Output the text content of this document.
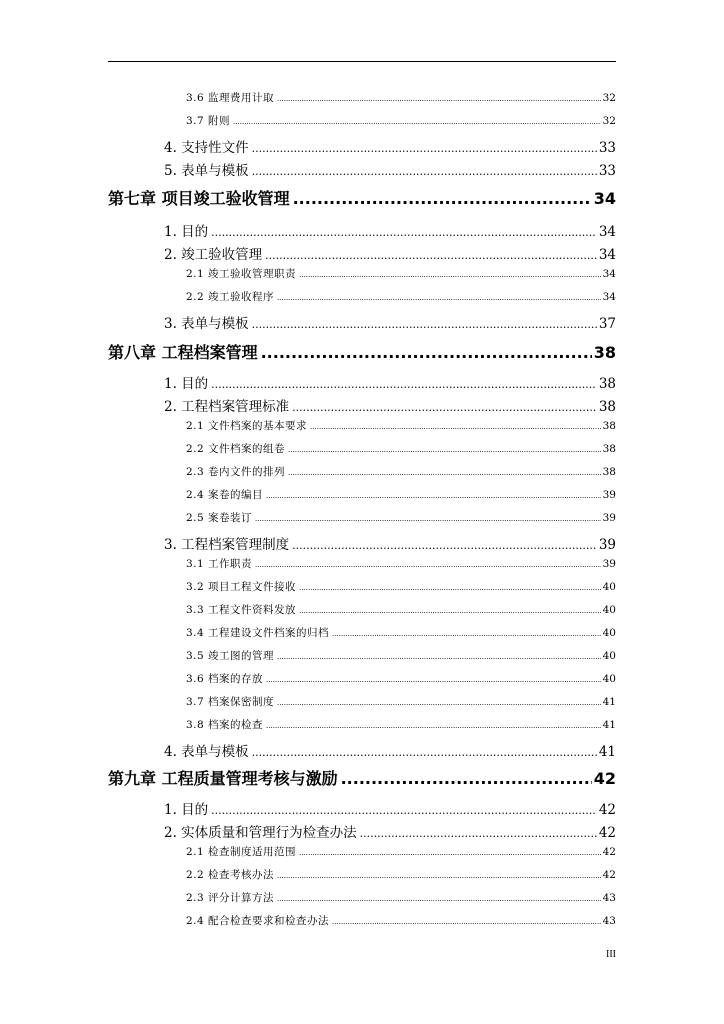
3.6 监理费用计取 .....	32
3.7 附则 .....	32
4. 支持性文件 .....	33
5. 表单与模板 .....	33
第七章 项目竣工验收管理 .....	34
1. 目的 .....	34
2. 竣工验收管理 .....	34
2.1 竣工验收管理职责 .....	34
2.2 竣工验收程序 .....	34
3. 表单与模板 .....	37
第八章 工程档案管理 .....	38
1. 目的 .....	38
2. 工程档案管理标准 .....	38
2.1 文件档案的基本要求 .....	38
2.2 文件档案的组卷 .....	38
2.3 卷内文件的排列 .....	38
2.4 案卷的编目 .....	39
2.5 案卷装订 .....	39
3. 工程档案管理制度 .....	39
3.1 工作职责 .....	39
3.2 项目工程文件接收 .....	40
3.3 工程文件资料发放 .....	40
3.4 工程建设文件档案的归档 .....	40
3.5 竣工图的管理 .....	40
3.6 档案的存放 .....	40
3.7 档案保密制度 .....	41
3.8 档案的检查 .....	41
4. 表单与模板 .....	41
第九章 工程质量管理考核与激励 .....	42
1. 目的 .....	42
2. 实体质量和管理行为检查办法 .....	42
2.1 检查制度适用范围 .....	42
2.2 检查考核办法 .....	42
2.3 评分计算方法 .....	43
2.4 配合检查要求和检查办法 .....	43
III
